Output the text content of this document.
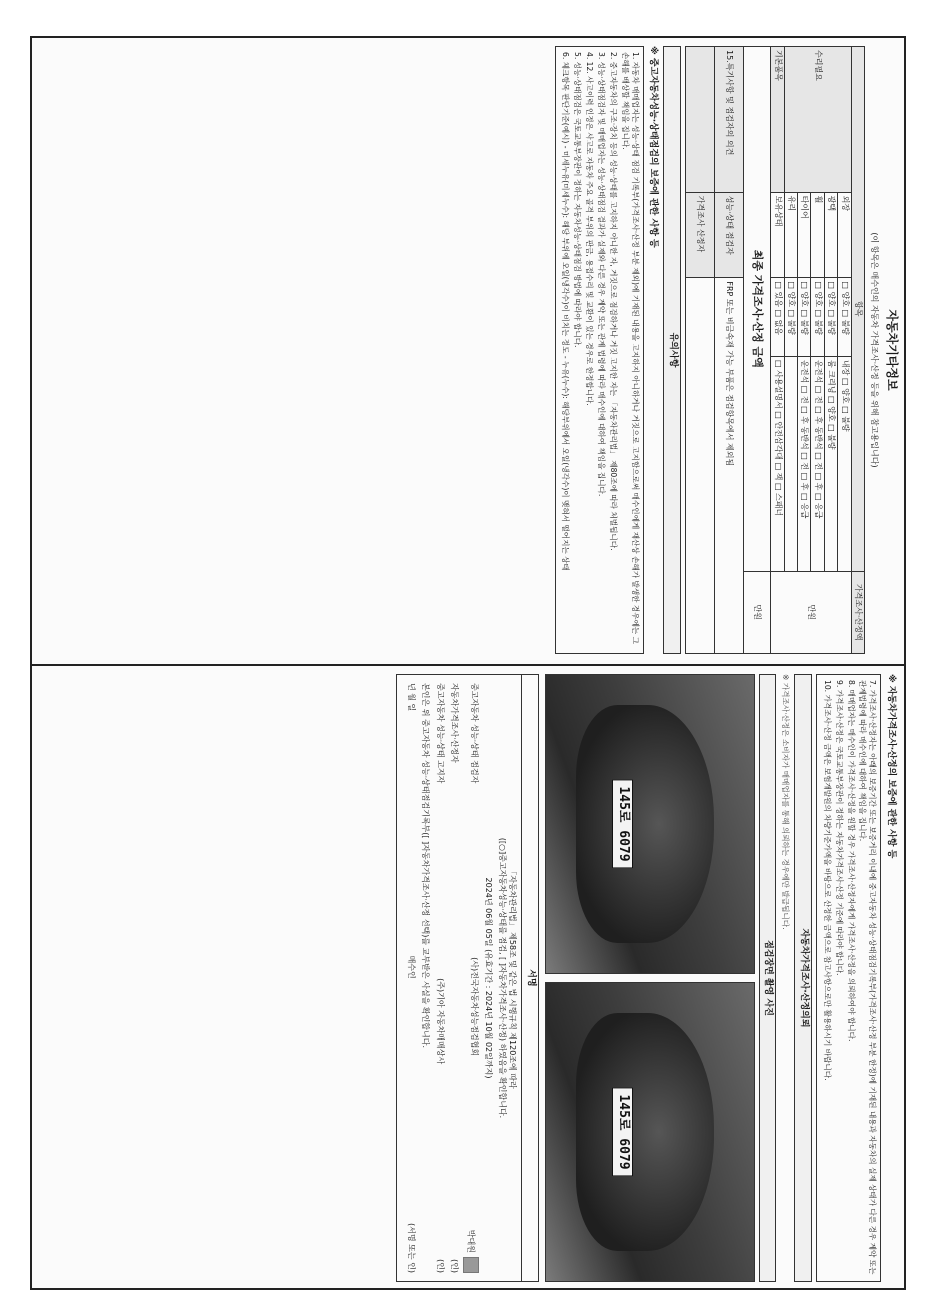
자동차기타정보
(이 항목은 매수인의 자동차 가격조사·산정 등을 위해 참고용입니다)
항목				가격조사·산정액
수리필요	외장	□ 양호 □ 불량	내장 □ 양호 □ 불량	만원
	광택	□ 양호 □ 불량	룸 크리닝 □ 양호 □ 불량	
	휠	□ 양호 □ 불량	운전석 □ 전 □ 후 동반석 □ 전 □ 후 □ 응급	
	타이어	□ 양호 □ 불량	운전석 □ 전 □ 후 동반석 □ 전 □ 후 □ 응급	
	유리	□ 양호 □ 불량		
기본품목	보유상태	□ 있음 □ 없음	□ 사용설명서 □ 안전삼각대 □ 잭 □ 스패너	
최종 가격조사·산정 금액				만원
15.특기사항 및 점검자의 의견	성능·상태 점검자	FRP 또는 비금속재 가능 부품은 점검항목에서 제외됨		
	가격조사 산정자			
유의사항
※ 중고자동차성능·상태점검의 보증에 관한 사항 등

1. 자동차 매매업자는 성능·상태 점검 기록부(가격조사·산정 부분 제외)에 기재된 내용을 고지하지 아니하거나 거짓으로 고지함으로써 매수인에게 재산상 손해가 발생한 경우에는 그 손해를 배상할 책임을 집니다.

2. 중고자동차의 구조·장치 등의 성능·상태를 고지하지 아니한 자, 거짓으로 점검하거나 거짓 고지한 자는 「자동차관리법」 제80조에 따라 처벌됩니다.

3. 성능·상태점검자 및 매매업자는 성능·상태점검 결과가 실제와 다른 경우 계약 또는 관계 법령에 따라 매수인에 대하여 책임을 집니다.

4. 12. 사고이력 인정은 사고로 자동차 주요 골격 부위의 판금, 용접수리 및 교환이 있는 경우로 한정합니다.

5. 성능·상태점검은 국토교통부장관이 정하는 자동차성능·상태점검 방법에 따라야 합니다.

6. 체크항목 판단기준(예시) - 미세누유(미세누수): 해당 부위에 오일(냉각수)이 비치는 정도 - 누유(누수): 해당부위에서 오일(냉각수)이 맺혀서 떨어지는 상태

※ 자동차가격조사·산정의 보증에 관한 사항 등

7. 가격조사·산정자는 아래의 보증기간 또는 보증거리 이내에 중고자동차 성능·상태점검기록부(가격조사·산정 부분 한정)에 기재된 내용과 자동차의 실제 상태가 다른 경우 계약 또는 관계법령에 따라 매수인에 대하여 책임을 집니다.

8. 매매업자는 매수인이 가격조사·산정을 원할 경우 가격조사·산정자에게 가격조사·산정을 의뢰하여야 합니다.

9. 가격조사·산정은 국토교통부장관이 정하는 자동차가격조사·산정 기준에 따라야 합니다.

10. 가격조사·산정 금액은 보험개발원의 차량기준가액을 바탕으로 산정한 금액으로 참고사항으로만 활용하시기 바랍니다.

자동차가격조사·산정의뢰
※ 가격조사·산정은 소비자가 매매업자를 통해 의뢰하는 경우에만 발급됩니다.
점검장면 촬영 사진
145로 6079
145로 6079
서명
「자동차관리법」 제58조 및 같은 법 시행규칙 제120조에 따라
([○]중고자동차성능·상태를 점검, [ ]자동차가격조사·산정) 하였음을 확인합니다.
2024년 06월 05일 (유효기간 : 2024년 10월 02일까지)
중고자동차 성능·상태 점검자
(사)전국자동차성능점검협회
박대원
자동차가격조사·산정자
(인)
중고자동차 성능·상태 고지자
(주)기아 자동차매매상사
(인)
본인은 위 중고자동차 성능·상태점검기록부([ ]자동차가격조사·산정 선택)를 교부받은 사실을 확인합니다.
년 월 일
매수인
(서명 또는 인)
